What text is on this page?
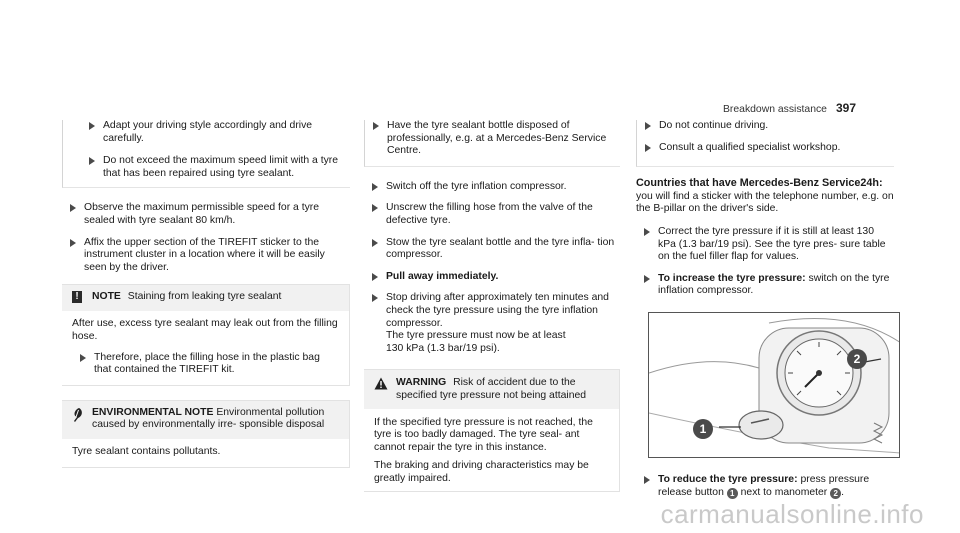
Breakdown assistance 397
Adapt your driving style accordingly and drive carefully.
Do not exceed the maximum speed limit with a tyre that has been repaired using tyre sealant.
Observe the maximum permissible speed for a tyre sealed with tyre sealant 80 km/h.
Affix the upper section of the TIREFIT sticker to the instrument cluster in a location where it will be easily seen by the driver.
!	NOTE Staining from leaking tyre sealant

After use, excess tyre sealant may leak out from the filling hose.

Therefore, place the filling hose in the plastic bag that contained the TIREFIT kit.
ENVIRONMENTAL NOTE Environmental pollution caused by environmentally irre- sponsible disposal

Tyre sealant contains pollutants.

Have the tyre sealant bottle disposed of professionally, e.g. at a Mercedes-Benz Service Centre.
Switch off the tyre inflation compressor.
Unscrew the filling hose from the valve of the defective tyre.
Stow the tyre sealant bottle and the tyre infla- tion compressor.
Pull away immediately.
Stop driving after approximately ten minutes and check the tyre pressure using the tyre inflation compressor.
The tyre pressure must now be at least
130 kPa (1.3 bar/19 psi).
WARNING Risk of accident due to the specified tyre pressure not being attained

If the specified tyre pressure is not reached, the tyre is too badly damaged. The tyre seal- ant cannot repair the tyre in this instance.

The braking and driving characteristics may be greatly impaired.

Do not continue driving.
Consult a qualified specialist workshop.
Countries that have Mercedes-Benz Service24h:
you will find a sticker with the telephone number, e.g. on the B-pillar on the driver's side.
Correct the tyre pressure if it is still at least 130 kPa (1.3 bar/19 psi). See the tyre pres- sure table on the fuel filler flap for values.
To increase the tyre pressure: switch on the tyre inflation compressor.
1
2
To reduce the tyre pressure: press pressure release button 1 next to manometer 2 .
carmanualsonline.info
